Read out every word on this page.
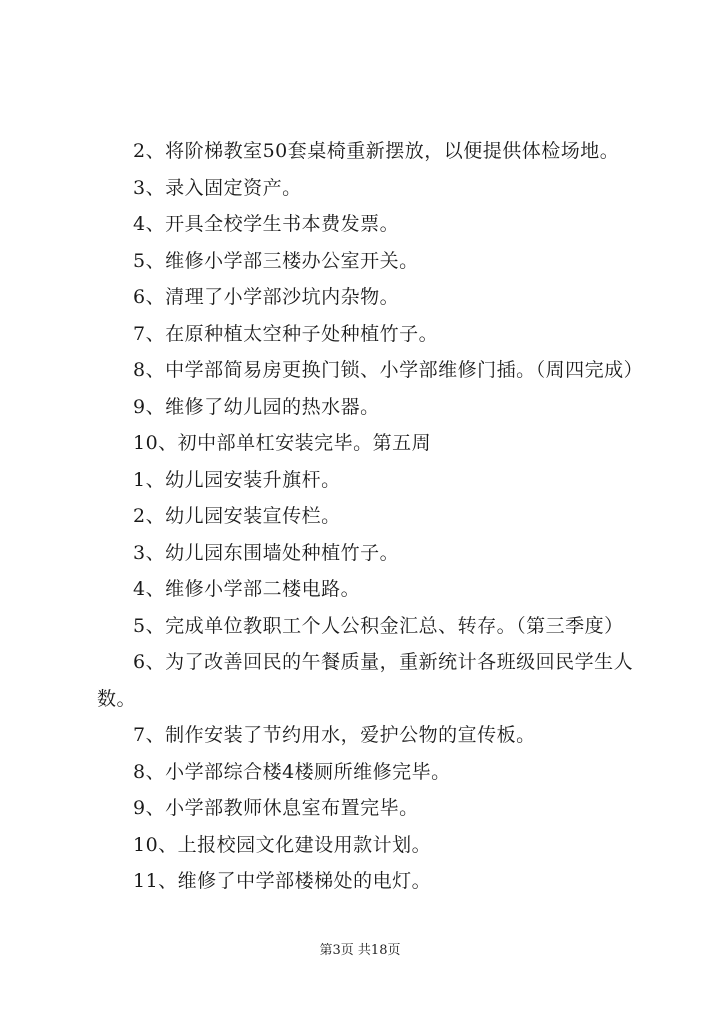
2、将阶梯教室50套桌椅重新摆放，以便提供体检场地。
3、录入固定资产。
4、开具全校学生书本费发票。
5、维修小学部三楼办公室开关。
6、清理了小学部沙坑内杂物。
7、在原种植太空种子处种植竹子。
8、中学部简易房更换门锁、小学部维修门插。（周四完成）
9、维修了幼儿园的热水器。
10、初中部单杠安装完毕。第五周
1、幼儿园安装升旗杆。
2、幼儿园安装宣传栏。
3、幼儿园东围墙处种植竹子。
4、维修小学部二楼电路。
5、完成单位教职工个人公积金汇总、转存。（第三季度）
6、为了改善回民的午餐质量，重新统计各班级回民学生人
数。
7、制作安装了节约用水，爱护公物的宣传板。
8、小学部综合楼4楼厕所维修完毕。
9、小学部教师休息室布置完毕。
10、上报校园文化建设用款计划。
11、维修了中学部楼梯处的电灯。
第3页 共18页
